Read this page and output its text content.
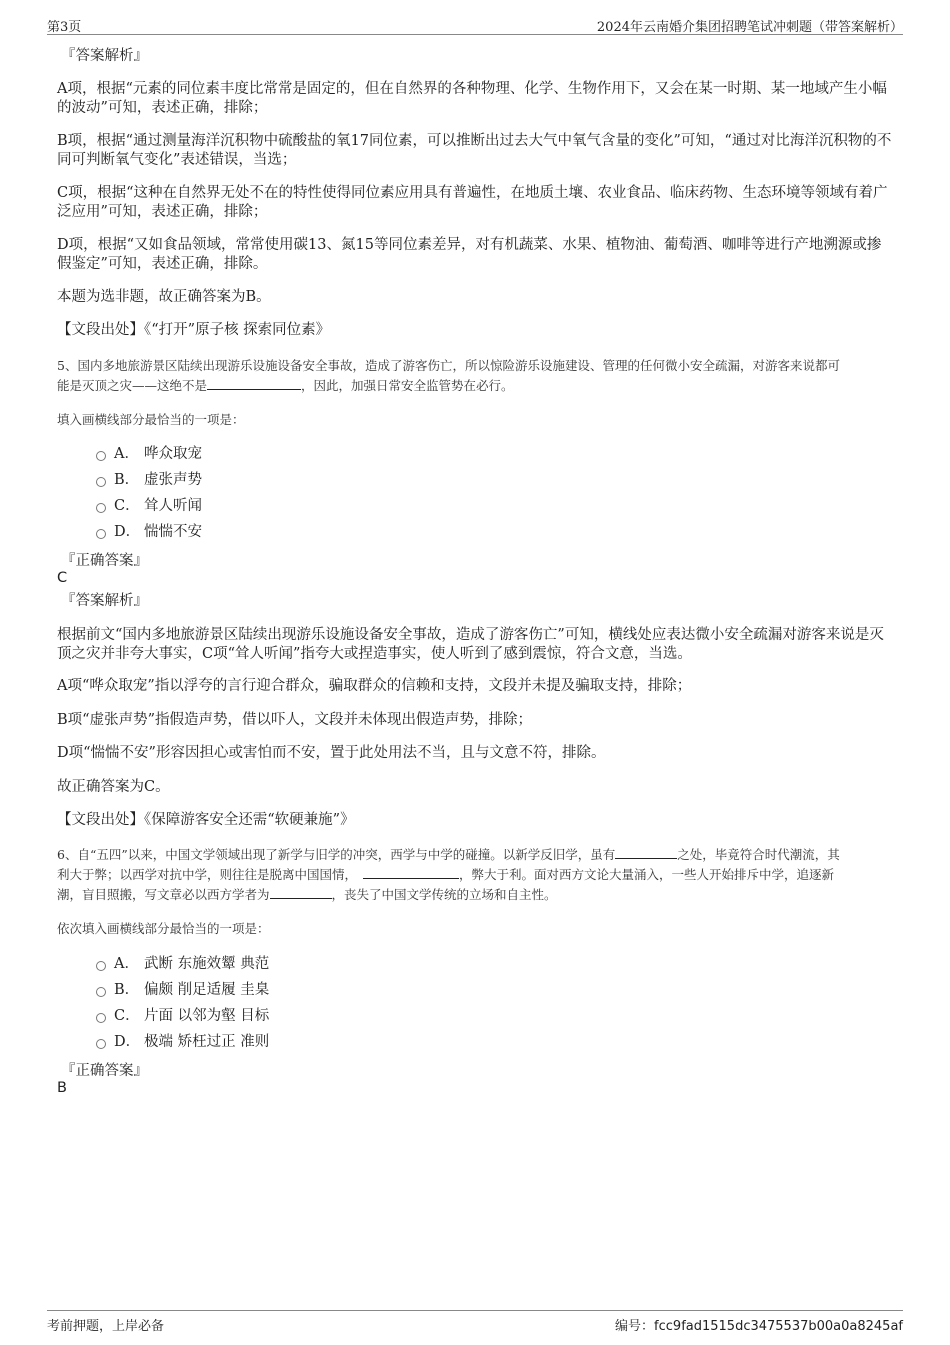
第3页	2024年云南婚介集团招聘笔试冲刺题（带答案解析）
『答案解析』
A项，根据“元素的同位素丰度比常常是固定的，但在自然界的各种物理、化学、生物作用下，又会在某一时期、某一地域产生小幅的波动”可知，表述正确，排除；
B项，根据“通过测量海洋沉积物中硫酸盐的氧17同位素，可以推断出过去大气中氧气含量的变化”可知，“通过对比海洋沉积物的不同可判断氧气变化”表述错误，当选；
C项，根据“这种在自然界无处不在的特性使得同位素应用具有普遍性，在地质土壤、农业食品、临床药物、生态环境等领域有着广泛应用”可知，表述正确，排除；
D项，根据“又如食品领域，常常使用碳13、氮15等同位素差异，对有机蔬菜、水果、植物油、葡萄酒、咖啡等进行产地溯源或掺假鉴定”可知，表述正确，排除。
本题为选非题，故正确答案为B。
【文段出处】《“打开”原子核 探索同位素》
5、国内多地旅游景区陆续出现游乐设施设备安全事故，造成了游客伤亡，所以惊险游乐设施建设、管理的任何微小安全疏漏，对游客来说都可
能是灭顶之灾——这绝不是	，因此，加强日常安全监管势在必行。
填入画横线部分最恰当的一项是：
A． 哗众取宠
B． 虚张声势
C． 耸人听闻
D． 惴惴不安
『正确答案』
C
『答案解析』
根据前文“国内多地旅游景区陆续出现游乐设施设备安全事故，造成了游客伤亡”可知，横线处应表达微小安全疏漏对游客来说是灭顶之灾并非夸大事实，C项“耸人听闻”指夸大或捏造事实，使人听到了感到震惊，符合文意，当选。
A项“哗众取宠”指以浮夸的言行迎合群众，骗取群众的信赖和支持，文段并未提及骗取支持，排除；
B项“虚张声势”指假造声势，借以吓人，文段并未体现出假造声势，排除；
D项“惴惴不安”形容因担心或害怕而不安，置于此处用法不当，且与文意不符，排除。
故正确答案为C。
【文段出处】《保障游客安全还需“软硬兼施”》
6、自“五四”以来，中国文学领域出现了新学与旧学的冲突，西学与中学的碰撞。以新学反旧学，虽有	之处，毕竟符合时代潮流，其
利大于弊；以西学对抗中学，则往往是脱离中国国情，	，弊大于利。面对西方文论大量涌入，一些人开始排斥中学，追逐新
潮，盲目照搬，写文章必以西方学者为	，丧失了中国文学传统的立场和自主性。
依次填入画横线部分最恰当的一项是：
A． 武断 东施效颦 典范
B． 偏颇 削足适履 圭臬
C． 片面 以邻为壑 目标
D． 极端 矫枉过正 准则
『正确答案』
B
考前押题，上岸必备	编号：fcc9fad1515dc3475537b00a0a8245af
